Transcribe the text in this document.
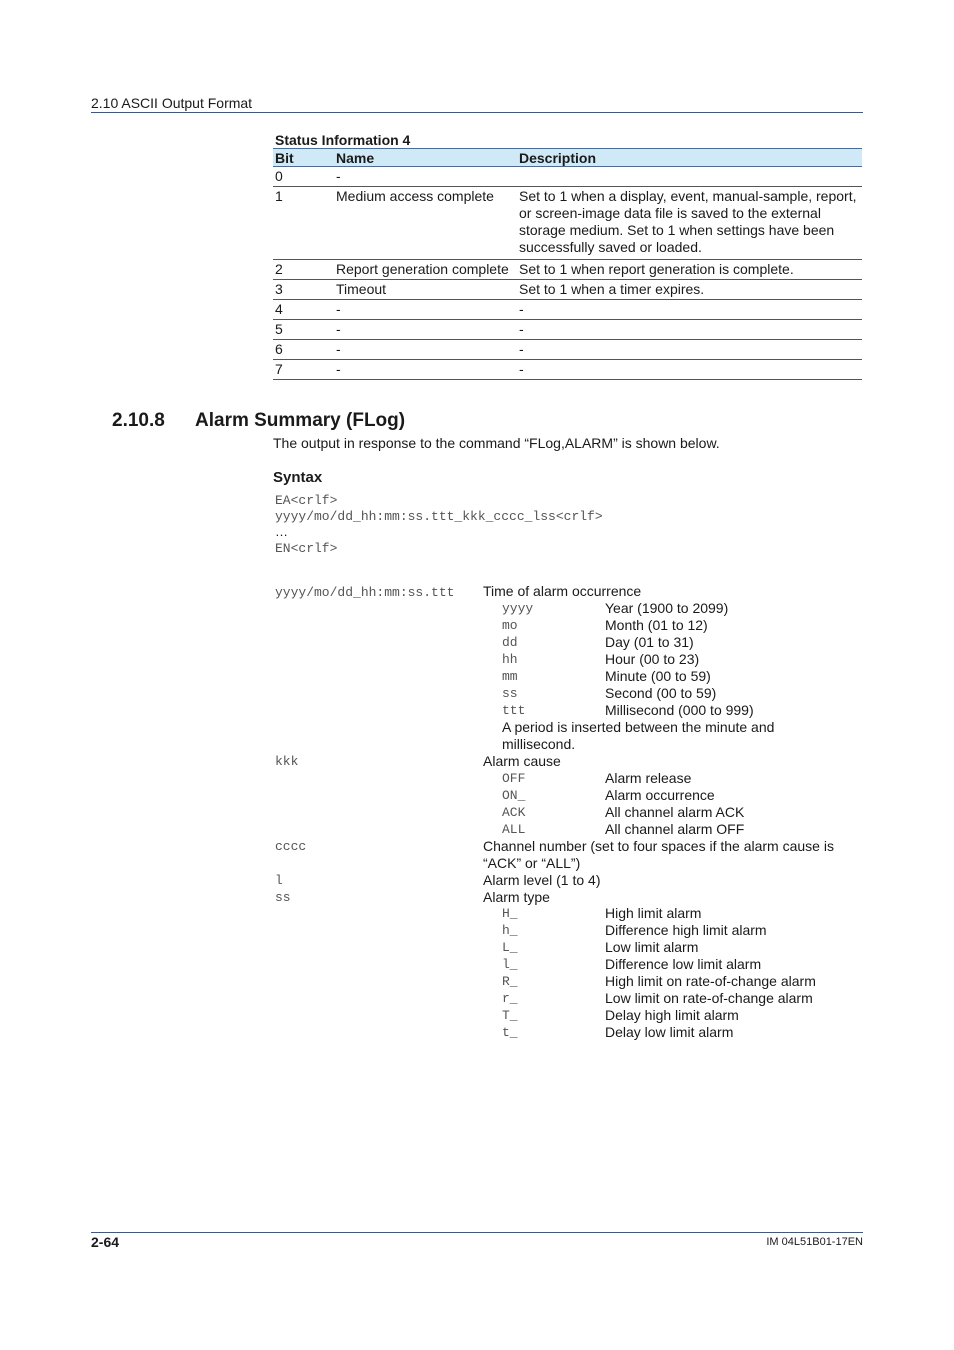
2.10 ASCII Output Format
Status Information 4
Bit	Name	Description
0	-	
1	Medium access complete	Set to 1 when a display, event, manual-sample, report, or screen-image data file is saved to the external storage medium. Set to 1 when settings have been successfully saved or loaded.
2	Report generation complete	Set to 1 when report generation is complete.
3	Timeout	Set to 1 when a timer expires.
4	-	-
5	-	-
6	-	-
7	-	-
2.10.8 Alarm Summary (FLog)
The output in response to the command “FLog,ALARM” is shown below.
Syntax
EA<crlf>
yyyy/mo/dd_hh:mm:ss.ttt_kkk_cccc_lss<crlf>
…
EN<crlf>
yyyy/mo/dd_hh:mm:ss.ttt Time of alarm occurrence
yyyy	Year (1900 to 2099)
mo	Month (01 to 12)
dd	Day (01 to 31)
hh	Hour (00 to 23)
mm	Minute (00 to 59)
ss	Second (00 to 59)
ttt	Millisecond (000 to 999)
A period is inserted between the minute and millisecond.
kkk	Alarm cause
OFF	Alarm release
ON_	Alarm occurrence
ACK	All channel alarm ACK
ALL	All channel alarm OFF
cccc	Channel number (set to four spaces if the alarm cause is “ACK” or “ALL”)
l	Alarm level (1 to 4)
ss	Alarm type
H_	High limit alarm
h_	Difference high limit alarm
L_	Low limit alarm
l_	Difference low limit alarm
R_	High limit on rate-of-change alarm
r_	Low limit on rate-of-change alarm
T_	Delay high limit alarm
t_	Delay low limit alarm
2-64	IM 04L51B01-17EN
